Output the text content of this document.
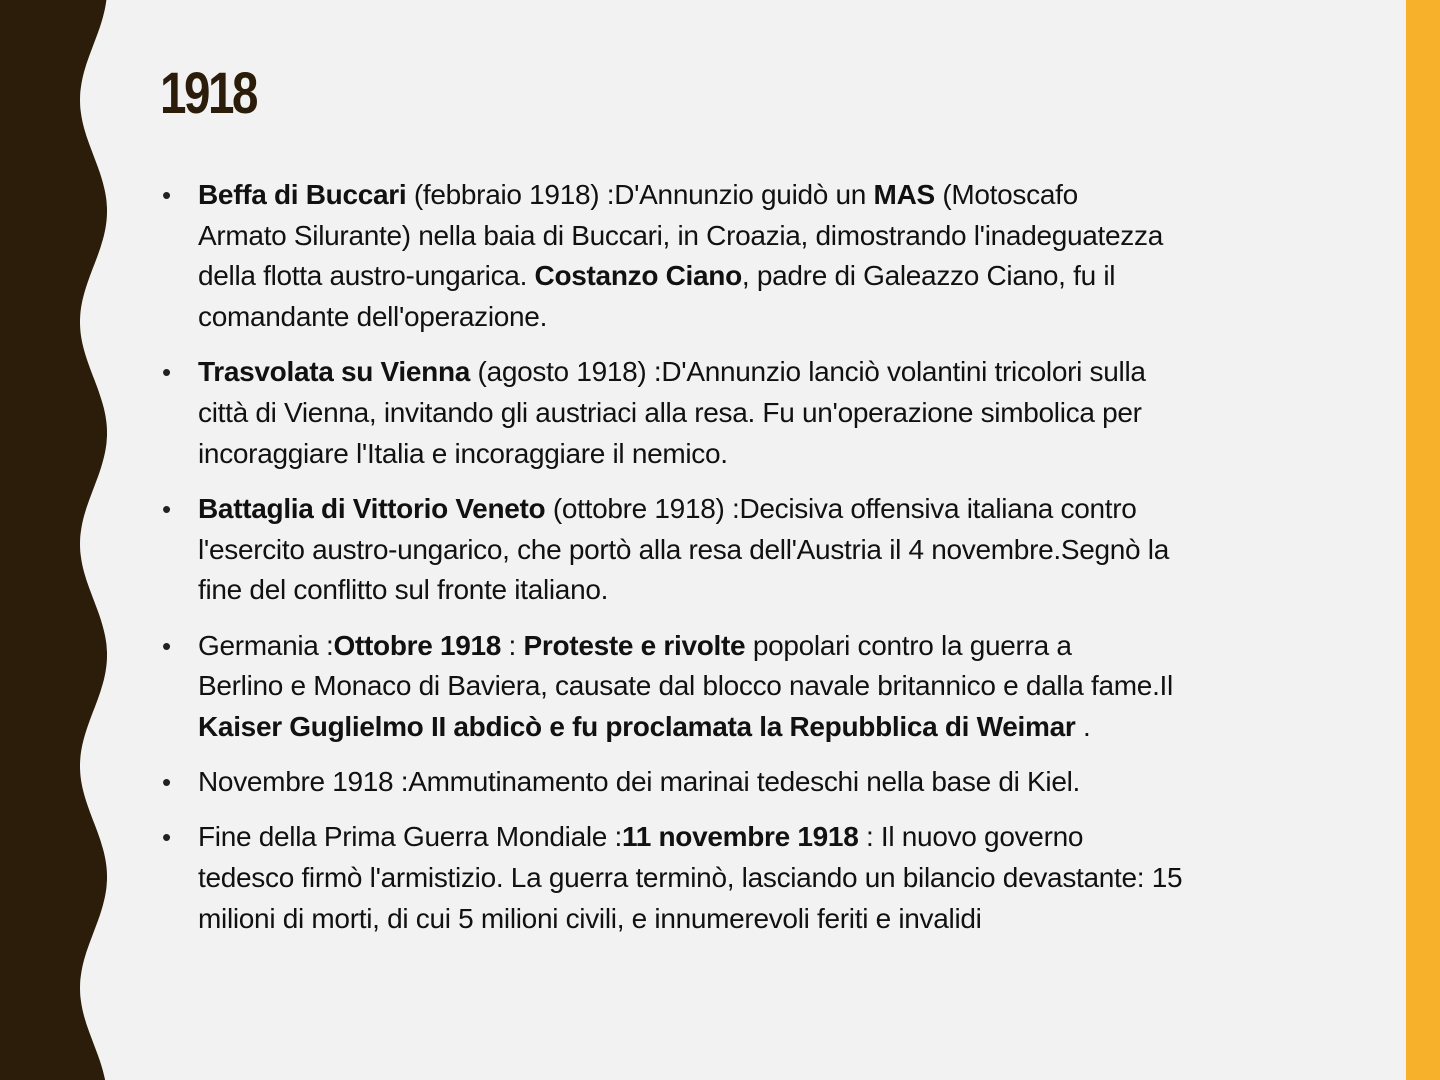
1918
• Beffa di Buccari (febbraio 1918) :D'Annunzio guidò un MAS (Motoscafo
Armato Silurante) nella baia di Buccari, in Croazia, dimostrando l'inadeguatezza
della flotta austro-ungarica. Costanzo Ciano, padre di Galeazzo Ciano, fu il
comandante dell'operazione.
• Trasvolata su Vienna (agosto 1918) :D'Annunzio lanciò volantini tricolori sulla
città di Vienna, invitando gli austriaci alla resa. Fu un'operazione simbolica per
incoraggiare l'Italia e incoraggiare il nemico.
• Battaglia di Vittorio Veneto (ottobre 1918) :Decisiva offensiva italiana contro
l'esercito austro-ungarico, che portò alla resa dell'Austria il 4 novembre.Segnò la
fine del conflitto sul fronte italiano.
• Germania :Ottobre 1918 : Proteste e rivolte popolari contro la guerra a
Berlino e Monaco di Baviera, causate dal blocco navale britannico e dalla fame.Il
Kaiser Guglielmo II abdicò e fu proclamata la Repubblica di Weimar .
• Novembre 1918 :Ammutinamento dei marinai tedeschi nella base di Kiel.
• Fine della Prima Guerra Mondiale :11 novembre 1918 : Il nuovo governo
tedesco firmò l'armistizio. La guerra terminò, lasciando un bilancio devastante: 15
milioni di morti, di cui 5 milioni civili, e innumerevoli feriti e invalidi
